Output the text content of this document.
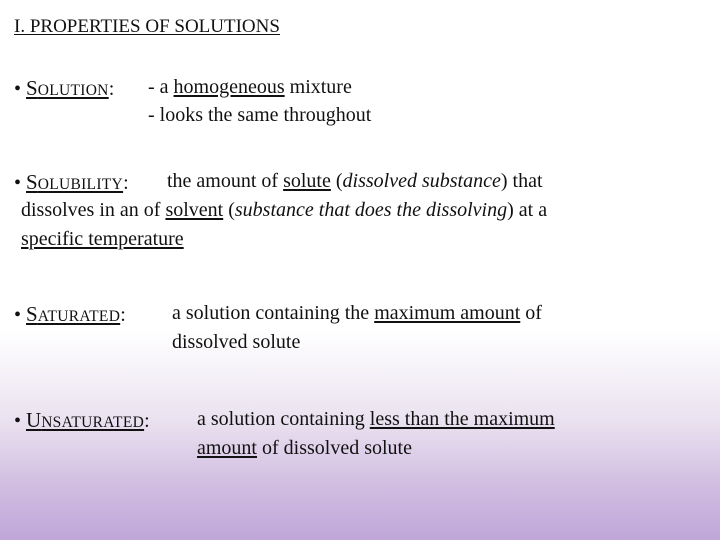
I. PROPERTIES OF SOLUTIONS
• SOLUTION: - a homogeneous mixture
- looks the same throughout
• SOLUBILITY: the amount of solute (dissolved substance) that
dissolves in an of solvent (substance that does the dissolving) at a
specific temperature
• SATURATED: a solution containing the maximum amount of
dissolved solute
• UNSATURATED: a solution containing less than the maximum
amount of dissolved solute
